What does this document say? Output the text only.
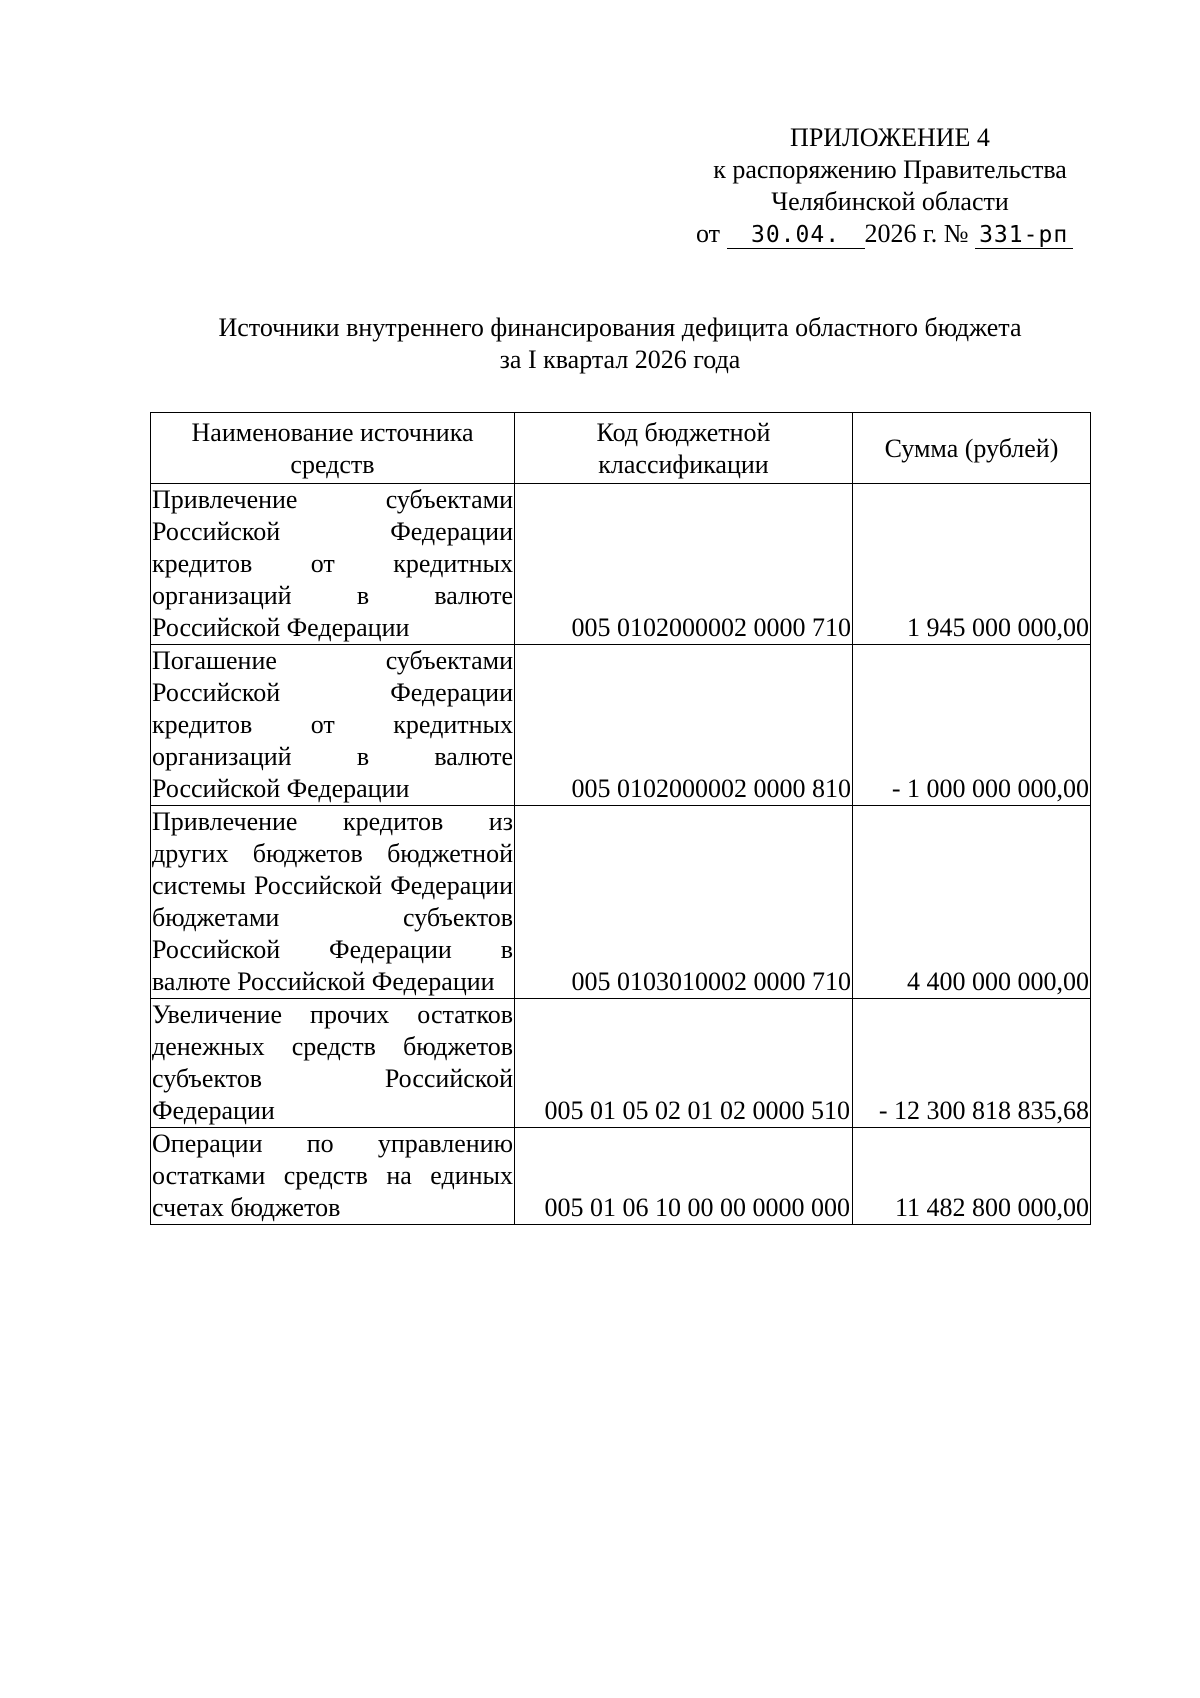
ПРИЛОЖЕНИЕ 4
к распоряжению Правительства
Челябинской области
от 30.04. 2026 г. № 331-рп
Источники внутреннего финансирования дефицита областного бюджета
за I квартал 2026 года
Наименование источника средств	Код бюджетной классификации	Сумма (рублей)
Привлечение субъектами Российской Федерации кредитов от кредитных организаций в валюте Российской Федерации	005 0102000002 0000 710	1 945 000 000,00
Погашение субъектами Российской Федерации кредитов от кредитных организаций в валюте Российской Федерации	005 0102000002 0000 810	- 1 000 000 000,00
Привлечение кредитов из других бюджетов бюджетной системы Российской Федерации бюджетами субъектов Российской Федерации в валюте Российской Федерации	005 0103010002 0000 710	4 400 000 000,00
Увеличение прочих остатков денежных средств бюджетов субъектов Российской Федерации	005 01 05 02 01 02 0000 510	- 12 300 818 835,68
Операции по управлению остатками средств на единых счетах бюджетов	005 01 06 10 00 00 0000 000	11 482 800 000,00
